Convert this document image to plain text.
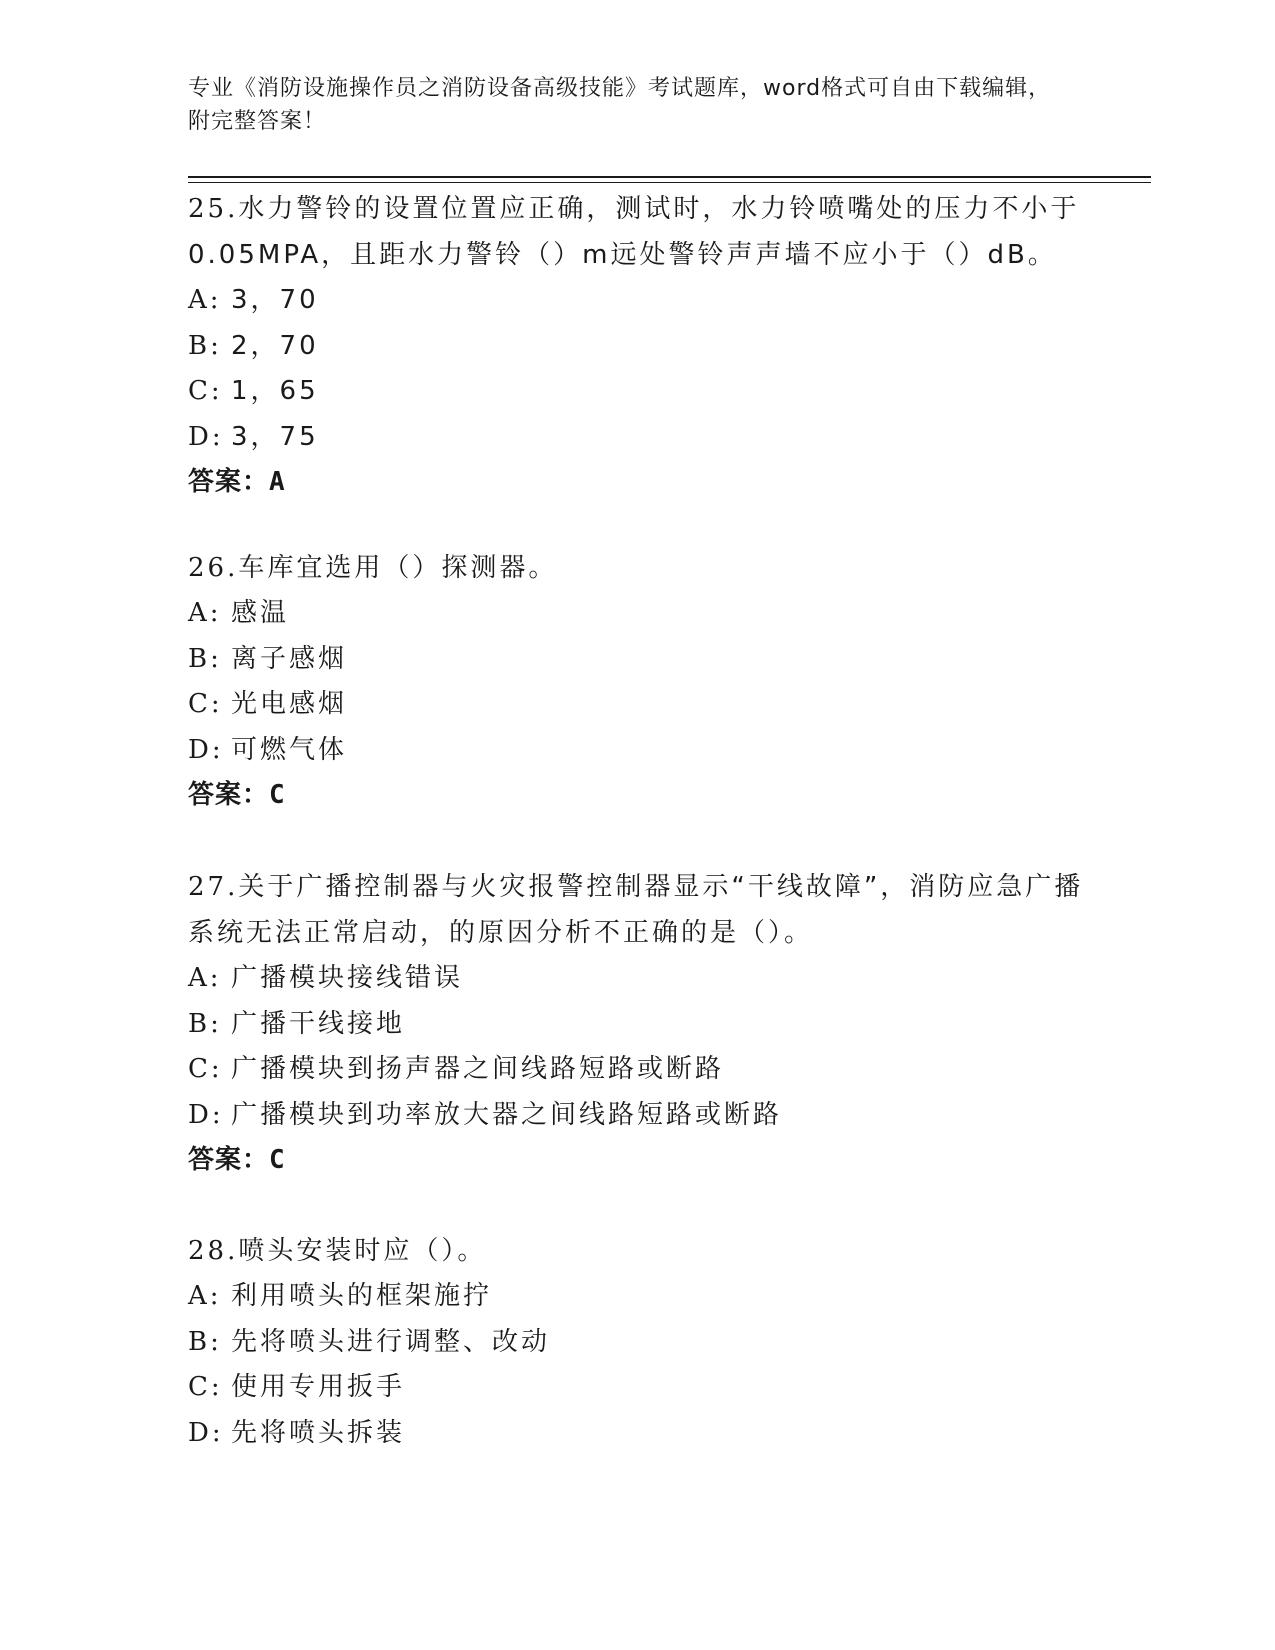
专业《消防设施操作员之消防设备高级技能》考试题库，word格式可自由下载编辑，附完整答案！

25.水力警铃的设置位置应正确，测试时，水力铃喷嘴处的压力不小于0.05MPA，且距水力警铃（）m远处警铃声声墙不应小于（）dB。

A: 3，70

B: 2，70

C: 1，65

D: 3，75

答案：A

26.车库宜选用（）探测器。

A: 感温

B: 离子感烟

C: 光电感烟

D: 可燃气体

答案：C

27.关于广播控制器与火灾报警控制器显示“干线故障”，消防应急广播系统无法正常启动，的原因分析不正确的是（）。

A: 广播模块接线错误

B: 广播干线接地

C: 广播模块到扬声器之间线路短路或断路

D: 广播模块到功率放大器之间线路短路或断路

答案：C

28.喷头安装时应（）。

A: 利用喷头的框架施拧

B: 先将喷头进行调整、改动

C: 使用专用扳手

D: 先将喷头拆装
